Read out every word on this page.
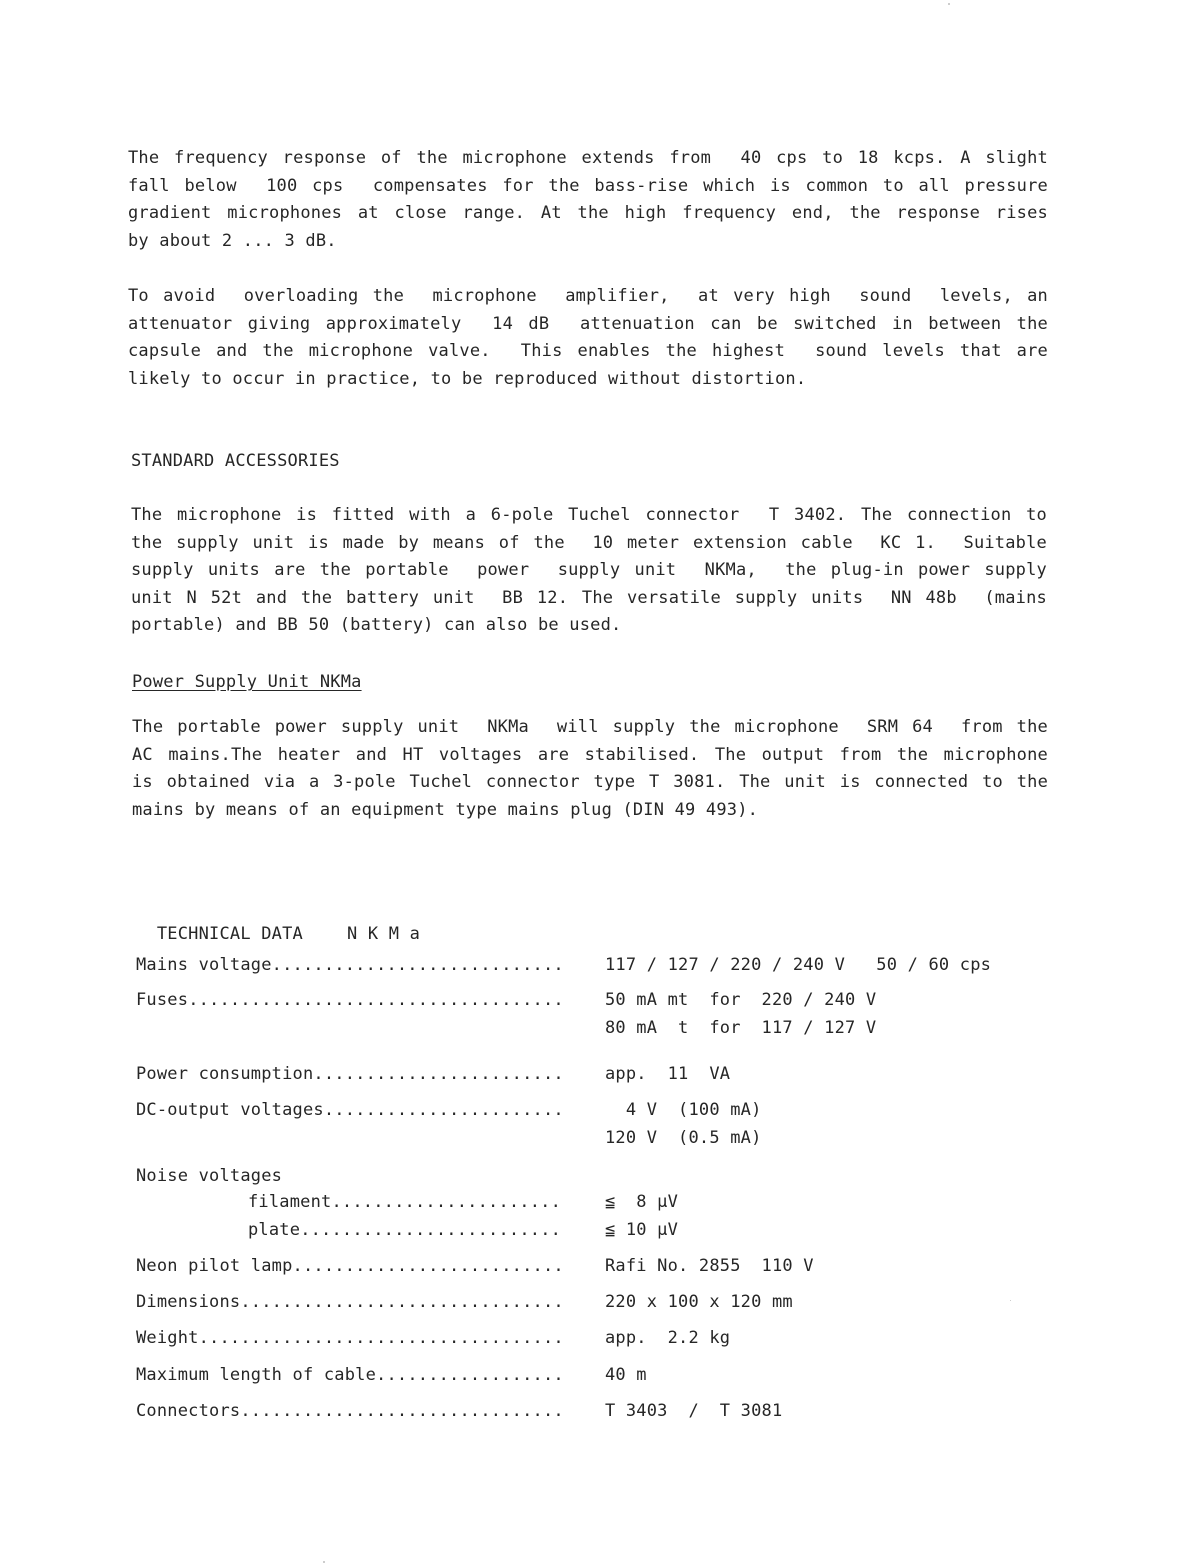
The frequency response of the microphone extends from  40 cps to 18 kcps. A slight
fall below  100 cps  compensates for the bass-rise which is common to all pressure
gradient microphones at close range. At the high frequency end, the response rises
by about 2 ... 3 dB.
To avoid  overloading the  microphone  amplifier,  at very high  sound  levels, an
attenuator giving approximately  14 dB  attenuation can be switched in between the
capsule and the microphone valve.  This enables the highest  sound levels that are
likely to occur in practice, to be reproduced without distortion.
STANDARD ACCESSORIES
The microphone is fitted with a 6-pole Tuchel connector  T 3402. The connection to
the supply unit is made by means of the  10 meter extension cable  KC 1.  Suitable
supply units are the portable  power  supply unit  NKMa,  the plug-in power supply
unit N 52t and the battery unit  BB 12. The versatile supply units  NN 48b  (mains
portable) and BB 50 (battery) can also be used.
Power Supply Unit NKMa
The portable power supply unit  NKMa  will supply the microphone  SRM 64  from the
AC mains.The heater and HT voltages are stabilised. The output from the microphone
is obtained via a 3-pole Tuchel connector type T 3081. The unit is connected to the
mains by means of an equipment type mains plug (DIN 49 493).

TECHNICAL DATA	N K M a

Mains voltage .....	117 / 127 / 220 / 240 V   50 / 60 cps
Fuses .....	50 mA mt  for  220 / 240 V
80 mA  t  for  117 / 127 V
Power consumption .....	app.  11  VA
DC-output voltages .....	4 V  (100 mA)
120 V  (0.5 mA)
Noise voltages
filament .....	≦  8 μV
plate .....	≦ 10 μV
Neon pilot lamp .....	Rafi No. 2855  110 V
Dimensions .....	220 x 100 x 120 mm
Weight .....	app.  2.2 kg
Maximum length of cable .....	40 m
Connectors .....	T 3403  /  T 3081
